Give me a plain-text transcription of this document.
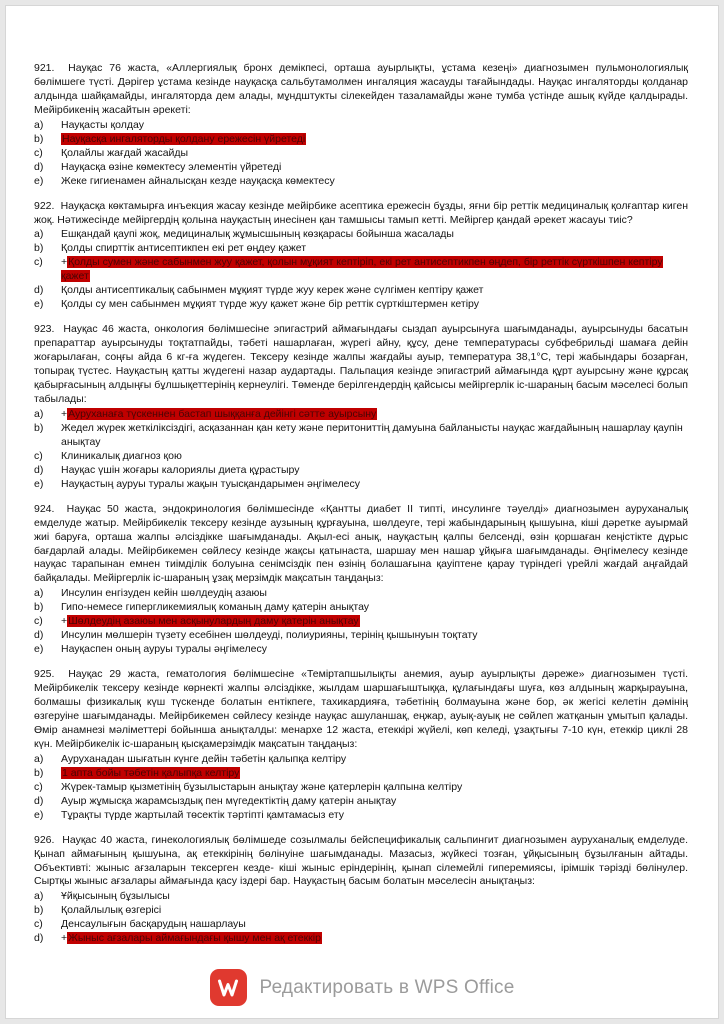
921. Науқас 76 жаста, «Аллергиялық бронх демікпесі, орташа ауырлықты, ұстама кезеңі» диагнозымен пульмонологиялық бөлімшеге түсті. Дәрігер ұстама кезінде науқасқа сальбутамолмен ингаляция жасауды тағайындады. Науқас ингаляторды қолданар алдында шайқамайды, ингаляторда дем алады, мұндштукты сілекейден тазаламайды және тумба үстінде ашық күйде қалдырады. Мейірбикенің жасайтын әрекеті:

a)	Науқасты қолдау
b)	Науқасқа ингаляторды қолдану ережесін үйретеді
c)	Қолайлы жағдай жасайды
d)	Науқасқа өзіне көмектесу элементін үйретеді
e)	Жеке гигиенамен айналысқан кезде науқасқа көмектесу

922. Науқасқа көктамырға инъекция жасау кезінде мейірбике асептика ережесін бұзды, яғни бір реттік медициналық қолғаптар киген жоқ. Нәтижесінде мейіргердің қолына науқастың инесінен қан тамшысы тамып кетті. Мейіргер қандай әрекет жасауы тиіс?

a)	Ешқандай қаупі жоқ, медициналық жұмысшының көзқарасы бойынша жасалады
b)	Қолды спирттік антисептикпен екі рет өңдеу қажет
c)	+Қолды сумен және сабынмен жуу қажет, қолын мұқият кептіріп, екі рет антисептикпен өңдеп, бір реттік сүрткішпен кептіру қажет
d)	Қолды антисептикалық сабынмен мұқият түрде жуу керек және сүлгімен кептіру қажет
e)	Қолды су мен сабынмен мұқият түрде жуу қажет және бір реттік сүрткіштермен кетіру

923. Науқас 46 жаста, онкология бөлімшесіне эпигастрий аймағындағы сыздап ауырсынуға шағымданады, ауырсынуды басатын препараттар ауырсынуды тоқтатпайды, тәбеті нашарлаған, жүрегі айну, құсу, дене температурасы субфебрильді шамаға дейін жоғарылаған, соңғы айда 6 кг-ға жүдеген. Тексеру кезінде жалпы жағдайы ауыр, температура 38,1°С, тері жабындары бозарған, топырақ түстес. Науқастың қатты жүдегені назар аудартады. Пальпация кезінде эпигастрий аймағында құрт ауырсыну және құрсақ қабырғасының алдыңғы бұлшықеттерінің кернеулігі. Төменде берілгендердің қайсысы мейіргерлік іс-шараның басым мәселесі болып табылады:

a)	+Ауруханаға түскеннен бастап шыққанға дейінгі сәтте ауырсыну
b)	Жедел жүрек жеткіліксіздігі, асқазаннан қан кету және перитониттің дамуына байланысты науқас жағдайының нашарлау қаупін анықтау
c)	Клиникалық диагноз қою
d)	Науқас үшін жоғары калориялы диета құрастыру
e)	Науқастың ауруы туралы жақын туысқандарымен әңгімелесу

924. Науқас 50 жаста, эндокринология бөлімшесінде «Қантты диабет II типті, инсулинге тәуелді» диагнозымен ауруханалық емделуде жатыр. Мейірбикелік тексеру кезінде аузының құрғауына, шөлдеуге, тері жабындарының қышуына, кіші дәретке ауырмай жиі баруға, орташа жалпы әлсіздікке шағымданады. Ақыл-есі анық, науқастың қалпы белсенді, өзін қоршаған кеңістікте дұрыс бағдарлай алады. Мейірбикемен сөйлесу кезінде жақсы қатынаста, шаршау мен нашар ұйқыға шағымданады. Әңгімелесу кезінде науқас тарапынан емнен тиімділік болуына сенімсіздік пен өзінің болашағына қауіптене қарау түріндегі үрейлі жағдай аңғайдай байқалады. Мейіргерлік іс-шараның ұзақ мерзімдік мақсатын таңдаңыз:

a)	Инсулин енгізуден кейін шөлдеудің азаюы
b)	Гипо-немесе гипергликемиялық команың даму қатерін анықтау
c)	+Шөлдеудің азаюы мен асқынулардың даму қатерін анықтау
d)	Инсулин мөлшерін түзету есебінен шөлдеуді, полиурияны, терінің қышынуын тоқтату
e)	Науқаспен оның ауруы туралы әңгімелесу

925. Науқас 29 жаста, гематология бөлімшесіне «Теміртапшылықты анемия, ауыр ауырлықты дәреже» диагнозымен түсті. Мейірбикелік тексеру кезінде көрнекті жалпы әлсіздікке, жылдам шаршағыштыққа, құлағындағы шуға, көз алдының жарқырауына, болмашы физикалық күш түскенде болатын ентікпеге, тахикардияға, тәбетінің болмауына және бор, әк жегісі келетін дәмінің өзгеруіне шағымданады. Мейірбикемен сөйлесу кезінде науқас ашуланшақ, еңжар, ауық-ауық не сөйлеп жатқанын ұмытып қалады. Өмір анамнезі мәліметтері бойынша анықталды: менархе 12 жаста, етеккірі жүйелі, көп келеді, ұзақтығы 7-10 күн, етеккір циклі 28 күн. Мейірбикелік іс-шараның қысқамерзімдік мақсатын таңдаңыз:

a)	Ауруханадан шығатын күнге дейін тәбетін қалыпқа келтіру
b)	1 апта бойы тәбетін қалыпқа келтіру
c)	Жүрек-тамыр қызметінің бұзылыстарын анықтау және қатерлерін қалпына келтіру
d)	Ауыр жұмысқа жарамсыздық пен мүгедектіктің даму қатерін анықтау
e)	Тұрақты түрде жартылай төсектік тәртіпті қамтамасыз ету

926. Науқас 40 жаста, гинекологиялық бөлімшеде созылмалы бейспецификалық сальпингит диагнозымен ауруханалық емделуде. Қынап аймағының қышуына, ақ етеккірінің бөлінуіне шағымданады. Мазасыз, жүйкесі тозған, ұйқысының бұзылғанын айтады. Объективті: жыныс ағзаларын тексерген кезде- кіші жыныс еріндерінің, қынап сілемейлі гиперемиясы, ірімшік тәрізді бөлінулер. Сыртқы жыныс ағзалары аймағында қасу іздері бар. Науқастың басым болатын мәселесін анықтаңыз:

a)	Ұйқысының бұзылысы
b)	Қолайлылық өзгерісі
c)	Денсаулығын басқарудың нашарлауы
d)	+Жыныс ағзалары аймағындағы қышу мен ақ етеккір
Редактировать в WPS Office
